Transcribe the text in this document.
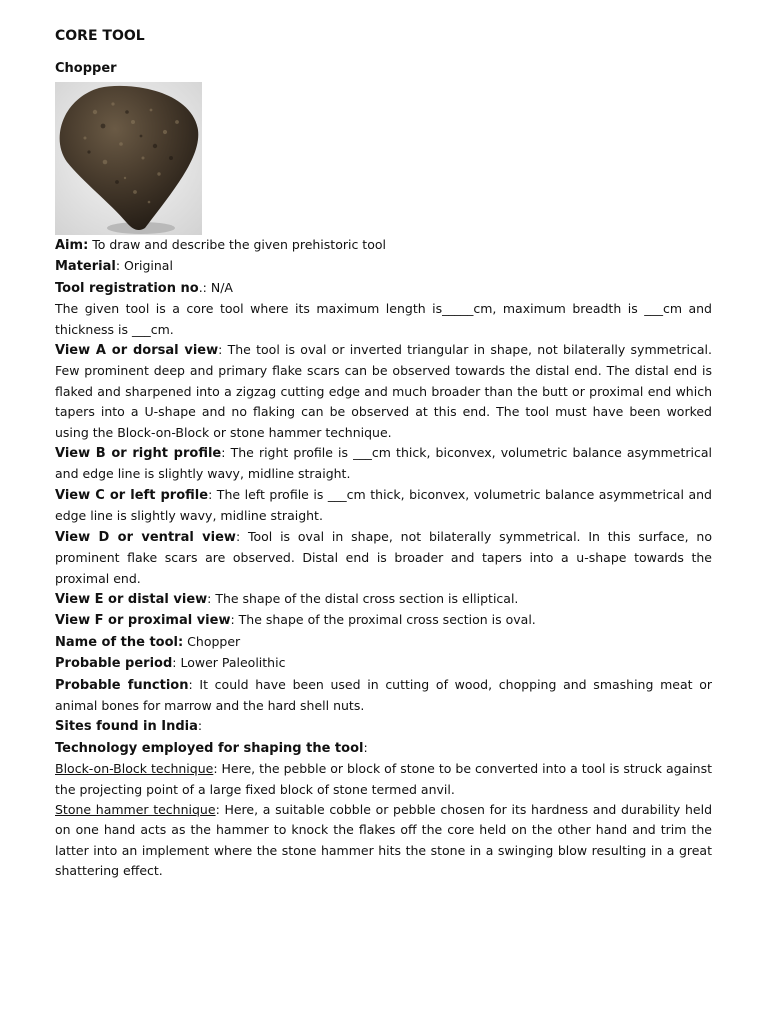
CORE TOOL
Chopper

Aim: To draw and describe the given prehistoric tool

Material: Original

Tool registration no.: N/A

The given tool is a core tool where its maximum length is_____cm, maximum breadth is ___cm and thickness is ___cm.

View A or dorsal view: The tool is oval or inverted triangular in shape, not bilaterally symmetrical. Few prominent deep and primary flake scars can be observed towards the distal end. The distal end is flaked and sharpened into a zigzag cutting edge and much broader than the butt or proximal end which tapers into a U-shape and no flaking can be observed at this end. The tool must have been worked using the Block-on-Block or stone hammer technique.

View B or right profile: The right profile is ___cm thick, biconvex, volumetric balance asymmetrical and edge line is slightly wavy, midline straight.

View C or left profile: The left profile is ___cm thick, biconvex, volumetric balance asymmetrical and edge line is slightly wavy, midline straight.

View D or ventral view: Tool is oval in shape, not bilaterally symmetrical. In this surface, no prominent flake scars are observed. Distal end is broader and tapers into a u-shape towards the proximal end.

View E or distal view: The shape of the distal cross section is elliptical.

View F or proximal view: The shape of the proximal cross section is oval.

Name of the tool: Chopper

Probable period: Lower Paleolithic

Probable function: It could have been used in cutting of wood, chopping and smashing meat or animal bones for marrow and the hard shell nuts.

Sites found in India:

Technology employed for shaping the tool:

Block-on-Block technique: Here, the pebble or block of stone to be converted into a tool is struck against the projecting point of a large fixed block of stone termed anvil.

Stone hammer technique: Here, a suitable cobble or pebble chosen for its hardness and durability held on one hand acts as the hammer to knock the flakes off the core held on the other hand and trim the latter into an implement where the stone hammer hits the stone in a swinging blow resulting in a great shattering effect.
